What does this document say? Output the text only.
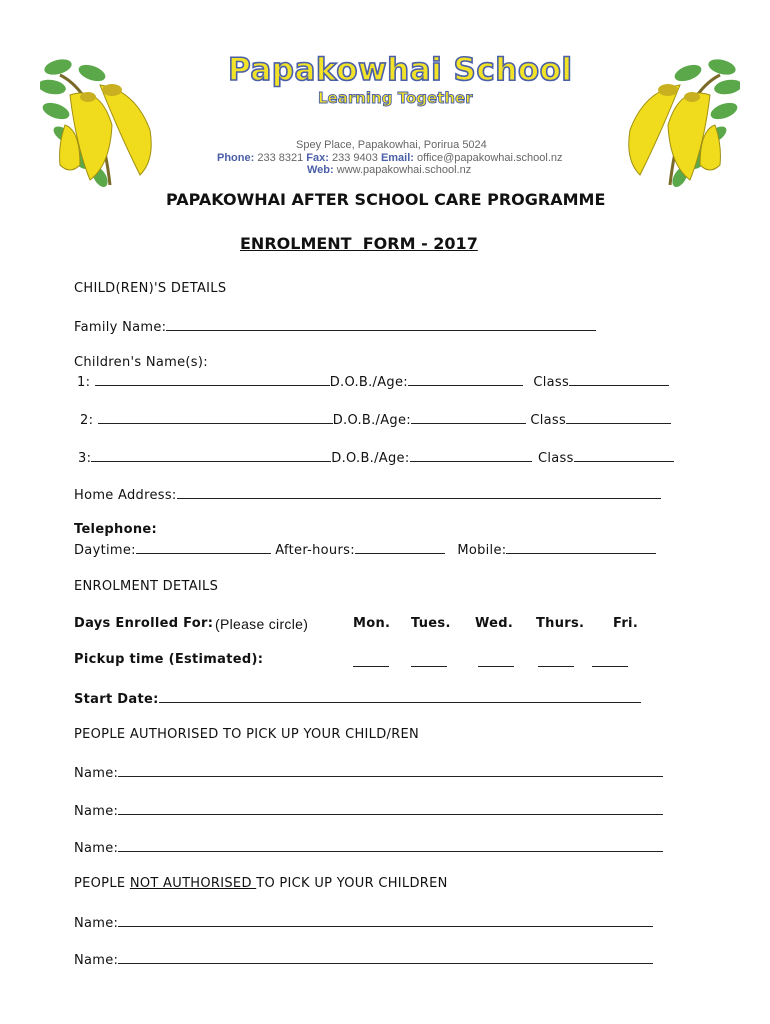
Papakowhai School
Learning Together
Spey Place, Papakowhai, Porirua 5024
Phone: 233 8321 Fax: 233 9403 Email: office@papakowhai.school.nz
Web: www.papakowhai.school.nz
PAPAKOWHAI AFTER SCHOOL CARE PROGRAMME
ENROLMENT  FORM - 2017
CHILD(REN)'S DETAILS
Family Name:
Children's Name(s):
1:	D.O.B./Age:	Class
2:	D.O.B./Age:	Class
3:	D.O.B./Age:	Class
Home Address:
Telephone:
Daytime:	After-hours:	Mobile:
ENROLMENT DETAILS
Days Enrolled For: (Please circle)	Mon. Tues. Wed. Thurs. Fri.
Pickup time (Estimated):
Start Date:
PEOPLE AUTHORISED TO PICK UP YOUR CHILD/REN
Name:
Name:
Name:
PEOPLE NOT AUTHORISED TO PICK UP YOUR CHILDREN
Name:
Name:
